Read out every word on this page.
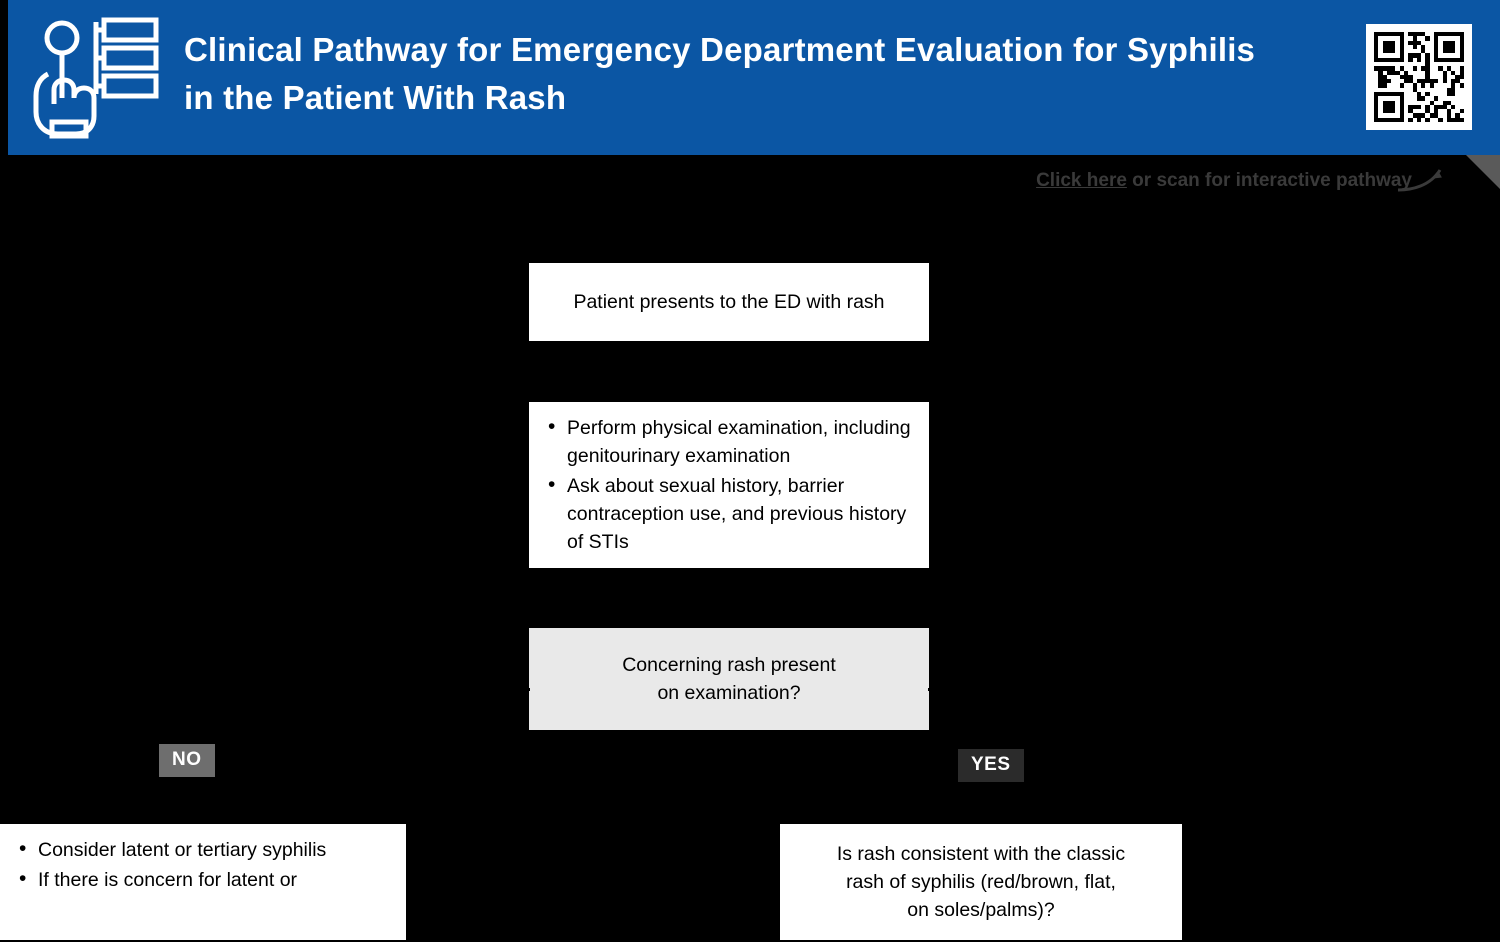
Clinical Pathway for Emergency Department Evaluation for Syphilis in the Patient With Rash
Click here or scan for interactive pathway
Patient presents to the ED with rash
• Perform physical examination, including genitourinary examination
• Ask about sexual history, barrier contraception use, and previous history of STIs
Concerning rash present
on examination?
NO	YES
• Consider latent or tertiary syphilis
• If there is concern for latent or
Is rash consistent with the classic
rash of syphilis (red/brown, flat,
on soles/palms)?
